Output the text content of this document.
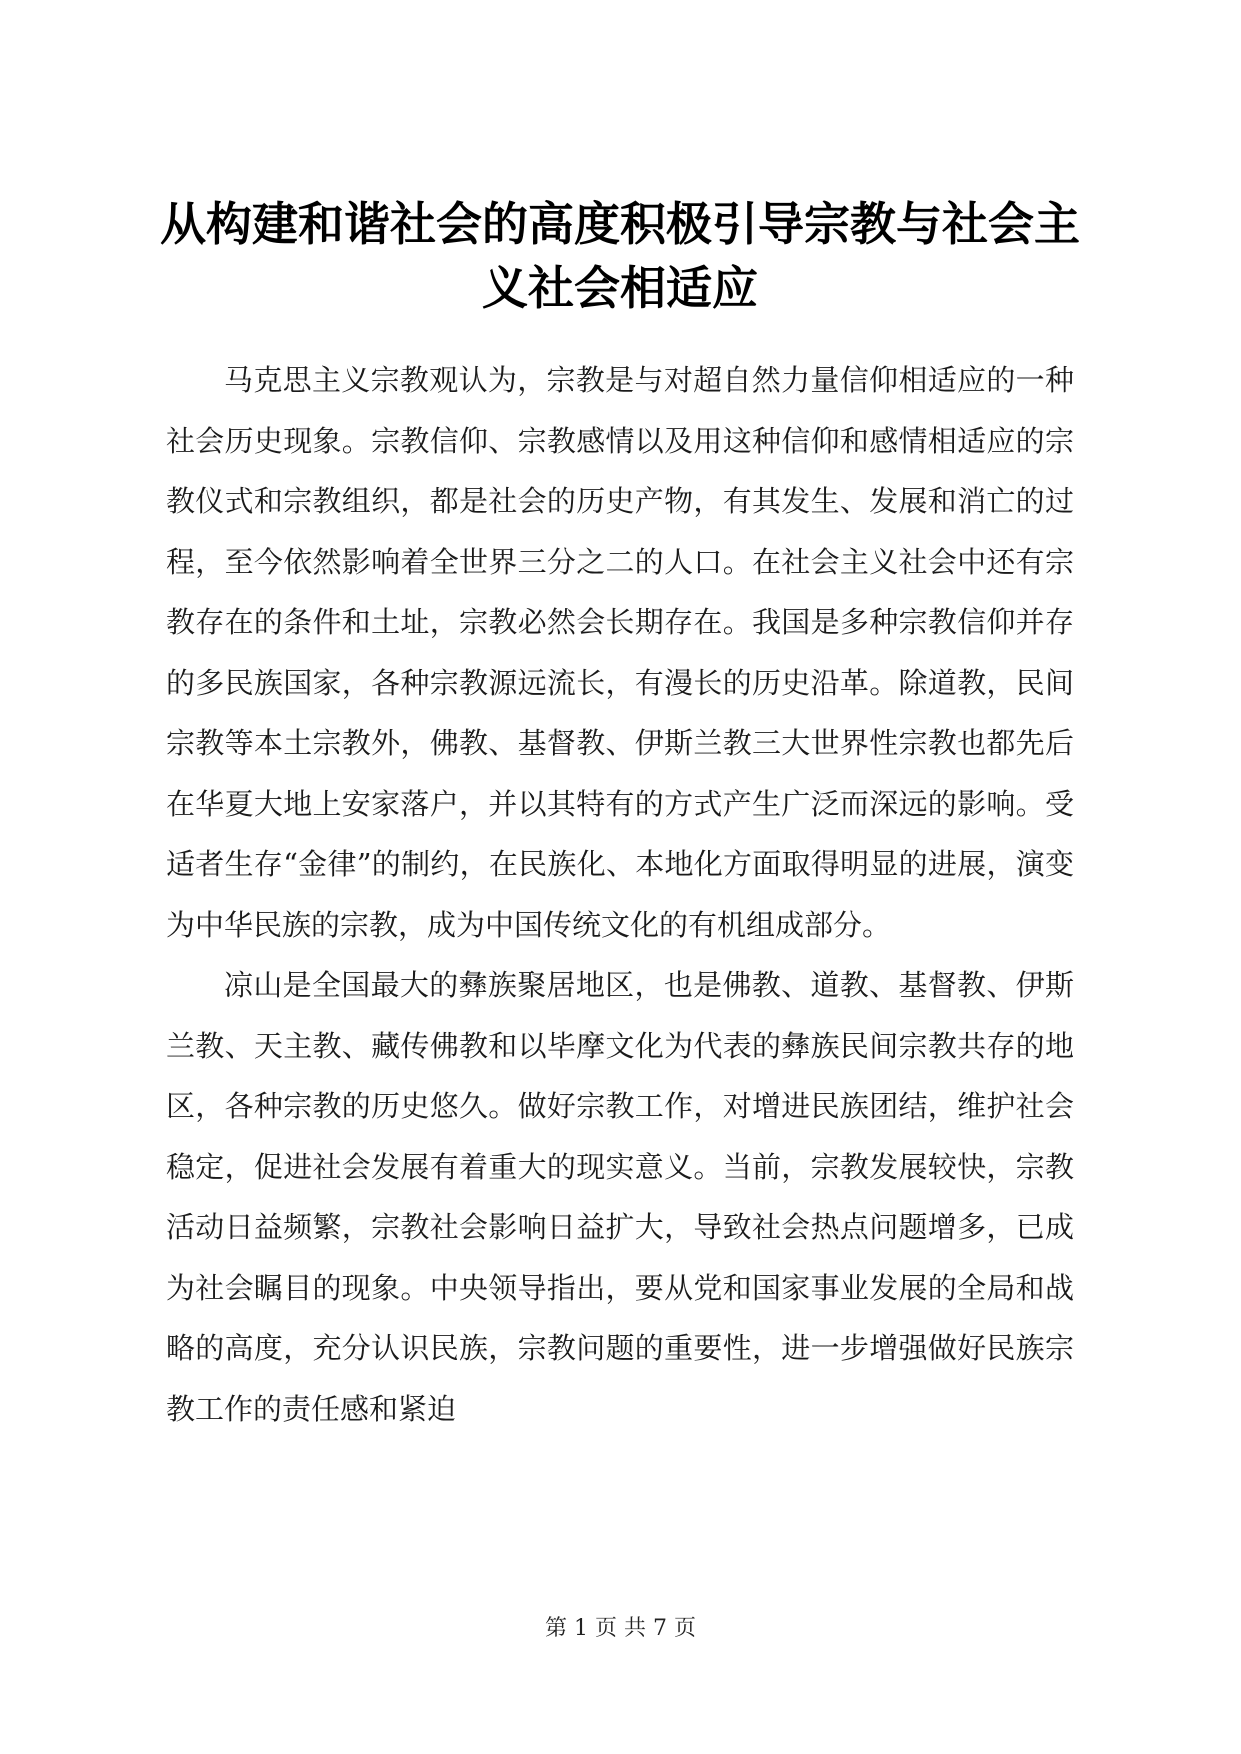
从构建和谐社会的高度积极引导宗教与社会主
义社会相适应

马克思主义宗教观认为，宗教是与对超自然力量信仰相适应的一种社会历史现象。宗教信仰、宗教感情以及用这种信仰和感情相适应的宗教仪式和宗教组织，都是社会的历史产物，有其发生、发展和消亡的过程，至今依然影响着全世界三分之二的人口。在社会主义社会中还有宗教存在的条件和土址，宗教必然会长期存在。我国是多种宗教信仰并存的多民族国家，各种宗教源远流长，有漫长的历史沿革。除道教，民间宗教等本土宗教外，佛教、基督教、伊斯兰教三大世界性宗教也都先后在华夏大地上安家落户，并以其特有的方式产生广泛而深远的影响。受适者生存“金律”的制约，在民族化、本地化方面取得明显的进展，演变为中华民族的宗教，成为中国传统文化的有机组成部分。

凉山是全国最大的彝族聚居地区，也是佛教、道教、基督教、伊斯兰教、天主教、藏传佛教和以毕摩文化为代表的彝族民间宗教共存的地区，各种宗教的历史悠久。做好宗教工作，对增进民族团结，维护社会稳定，促进社会发展有着重大的现实意义。当前，宗教发展较快，宗教活动日益频繁，宗教社会影响日益扩大，导致社会热点问题增多，已成为社会瞩目的现象。中央领导指出，要从党和国家事业发展的全局和战略的高度，充分认识民族，宗教问题的重要性，进一步增强做好民族宗教工作的责任感和紧迫

第 1 页 共 7 页
